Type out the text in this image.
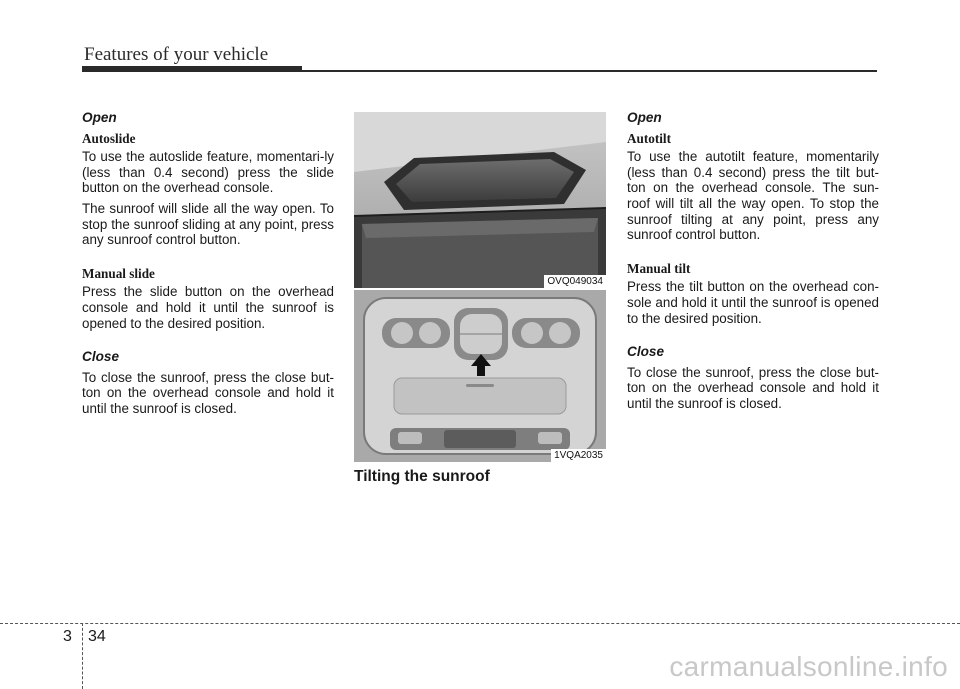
Features of your vehicle
Open
Autoslide

To use the autoslide feature, momentari-ly (less than 0.4 second) press the slide button on the overhead console.

The sunroof will slide all the way open. To stop the sunroof sliding at any point, press any sunroof control button.

Manual slide

Press the slide button on the overhead console and hold it until the sunroof is opened to the desired position.

Close

To close the sunroof, press the close but-ton on the overhead console and hold it until the sunroof is closed.

OVQ049034
1VQA2035
Tilting the sunroof
Open
Autotilt

To use the autotilt feature, momentarily (less than 0.4 second) press the tilt but-ton on the overhead console. The sun-roof will tilt all the way open. To stop the sunroof tilting at any point, press any sunroof control button.

Manual tilt

Press the tilt button on the overhead con-sole and hold it until the sunroof is opened to the desired position.

Close

To close the sunroof, press the close but-ton on the overhead console and hold it until the sunroof is closed.

3 34
carmanualsonline.info
